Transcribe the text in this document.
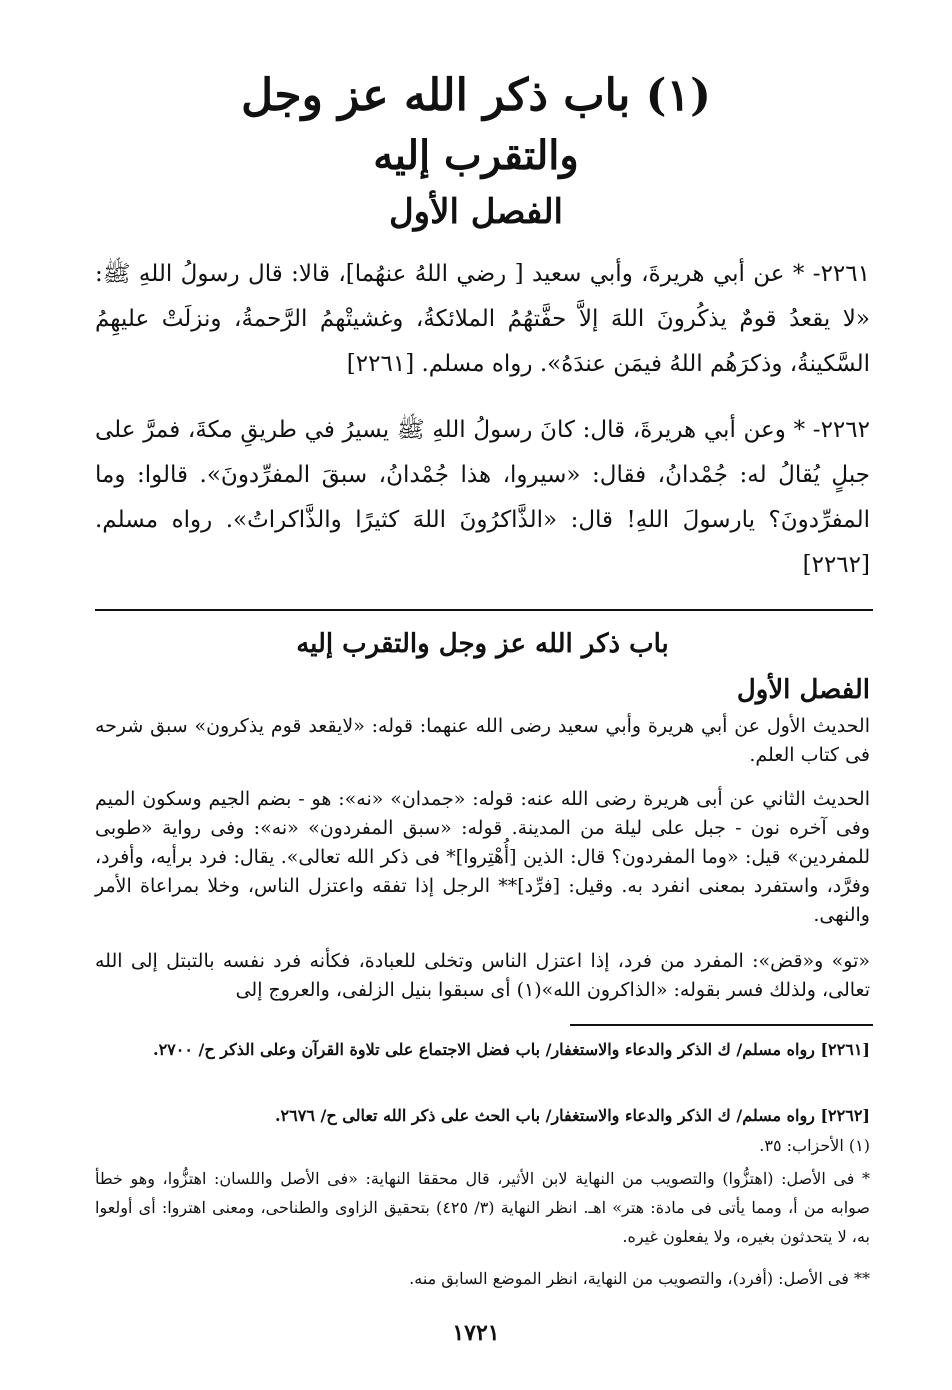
(١) باب ذكر الله عز وجل
والتقرب إليه
الفصل الأول
٢٢٦١- * عن أبي هريرةَ، وأبي سعيد [ رضي اللهُ عنهُما]، قالا: قال رسولُ اللهِ ﷺ: «لا يقعدُ قومٌ يذكُرونَ اللهَ إلاَّ حفَّتهُمُ الملائكةُ، وغشيتْهمُ الرَّحمةُ، ونزلَتْ عليهِمُ السَّكينةُ، وذكرَهُم اللهُ فيمَن عندَهُ». رواه مسلم. [٢٢٦١]
٢٢٦٢- * وعن أبي هريرةَ، قال: كانَ رسولُ اللهِ ﷺ يسيرُ في طريقِ مكةَ، فمرَّ على جبلٍ يُقالُ له: جُمْدانُ، فقال: «سيروا، هذا جُمْدانُ، سبقَ المفرِّدونَ». قالوا: وما المفرِّدونَ؟ يارسولَ اللهِ! قال: «الذَّاكرُونَ اللهَ كثيرًا والذَّاكراتُ». رواه مسلم. [٢٢٦٢]
باب ذكر الله عز وجل والتقرب إليه
الفصل الأول
الحديث الأول عن أبي هريرة وأبي سعيد رضى الله عنهما: قوله: «لايقعد قوم يذكرون» سبق شرحه فى كتاب العلم.
الحديث الثاني عن أبى هريرة رضى الله عنه: قوله: «جمدان» «نه»: هو - بضم الجيم وسكون الميم وفى آخره نون - جبل على ليلة من المدينة. قوله: «سبق المفردون» «نه»: وفى رواية «طوبى للمفردين» قيل: «وما المفردون؟ قال: الذين [أُهْتِروا]* فى ذكر الله تعالى». يقال: فرد برأيه، وأفرد، وفرَّد، واستفرد بمعنى انفرد به. وقيل: [فرِّد]** الرجل إذا تفقه واعتزل الناس، وخلا بمراعاة الأمر والنهى.
«تو» و«قض»: المفرد من فرد، إذا اعتزل الناس وتخلى للعبادة، فكأنه فرد نفسه بالتبتل إلى الله تعالى، ولذلك فسر بقوله: «الذاكرون الله»(١) أى سبقوا بنيل الزلفى، والعروج إلى
[٢٢٦١] رواه مسلم/ ك الذكر والدعاء والاستغفار/ باب فضل الاجتماع على تلاوة القرآن وعلى الذكر ح/ ٢٧٠٠.
[٢٢٦٢] رواه مسلم/ ك الذكر والدعاء والاستغفار/ باب الحث على ذكر الله تعالى ح/ ٢٦٧٦.
(١) الأحزاب: ٣٥.
* فى الأصل: (اهتزُّوا) والتصويب من النهاية لابن الأثير، قال محققا النهاية: «فى الأصل واللسان: اهتزُّوا، وهو خطأ صوابه من أ، ومما يأتى فى مادة: هتر» اهـ. انظر النهاية (٣/ ٤٢٥) بتحقيق الزاوى والطناحى، ومعنى اهتروا: أى أولعوا به، لا يتحدثون بغيره، ولا يفعلون غيره.
** فى الأصل: (أفرد)، والتصويب من النهاية، انظر الموضع السابق منه.
١٧٢١
